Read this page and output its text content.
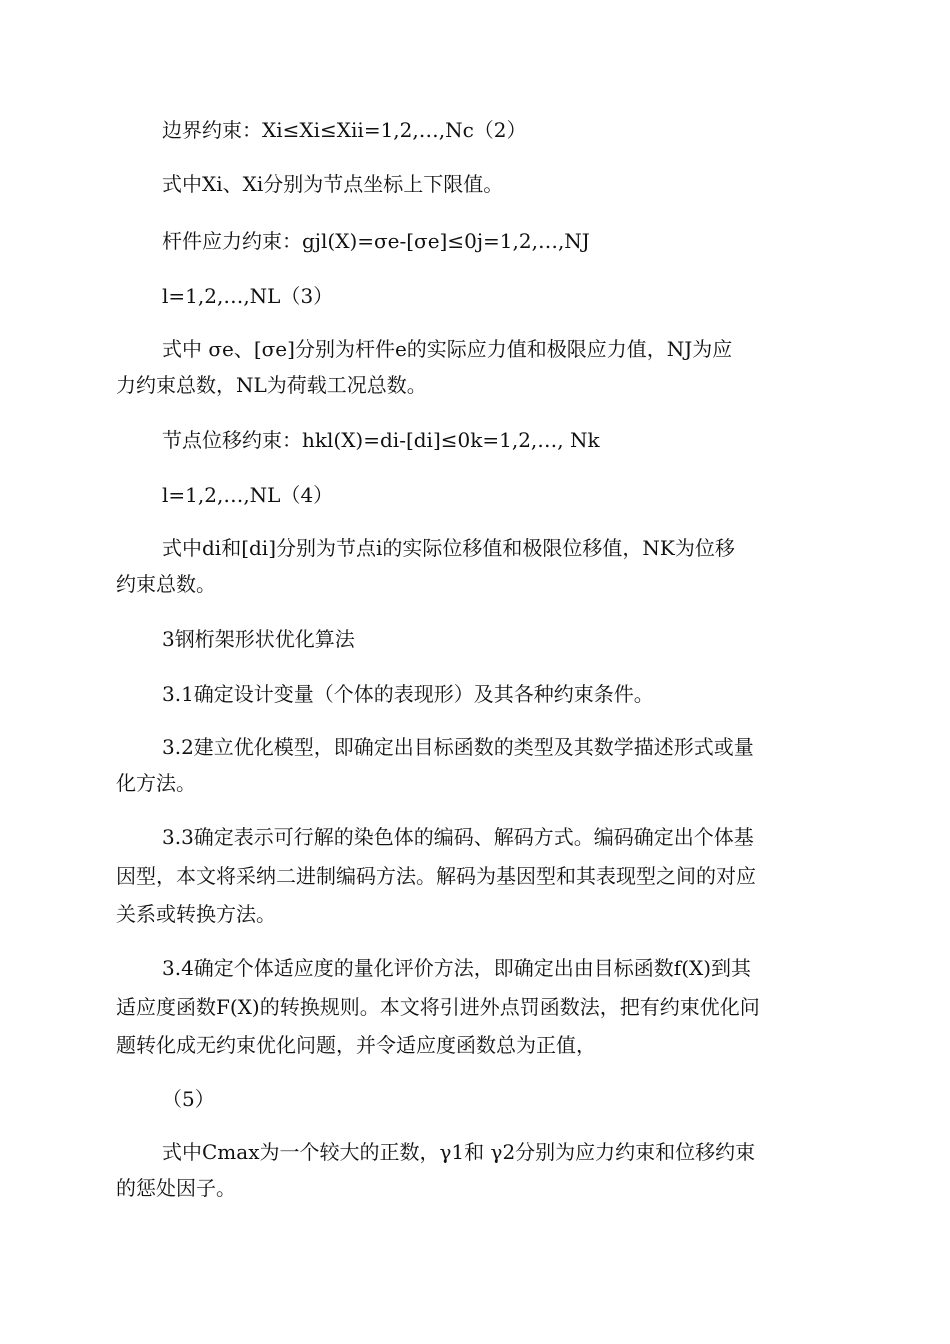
边界约束：Xi≤Xi≤Xii=1,2,…,Nc（2）
式中Xi、Xi分别为节点坐标上下限值。
杆件应力约束：gjl(X)=σe-[σe]≤0j=1,2,…,NJ
l=1,2,…,NL（3）
式中 σe、[σe]分别为杆件e的实际应力值和极限应力值，NJ为应
力约束总数，NL为荷载工况总数。
节点位移约束：hkl(X)=di-[di]≤0k=1,2,…, Nk
l=1,2,…,NL（4）
式中di和[di]分别为节点i的实际位移值和极限位移值，NK为位移
约束总数。
3钢桁架形状优化算法
3.1确定设计变量（个体的表现形）及其各种约束条件。
3.2建立优化模型，即确定出目标函数的类型及其数学描述形式或量
化方法。
3.3确定表示可行解的染色体的编码、解码方式。编码确定出个体基
因型，本文将采纳二进制编码方法。解码为基因型和其表现型之间的对应
关系或转换方法。
3.4确定个体适应度的量化评价方法，即确定出由目标函数f(X)到其
适应度函数F(X)的转换规则。本文将引进外点罚函数法，把有约束优化问
题转化成无约束优化问题，并令适应度函数总为正值，
（5）
式中Cmax为一个较大的正数，γ1和 γ2分别为应力约束和位移约束
的惩处因子。
